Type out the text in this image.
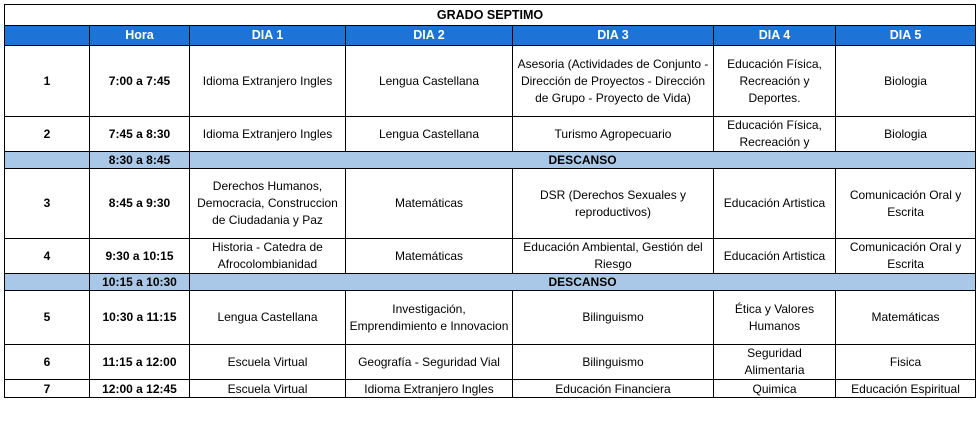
GRADO SEPTIMO						
	Hora	DIA 1	DIA 2	DIA 3	DIA 4	DIA 5
1	7:00 a 7:45	Idioma Extranjero Ingles	Lengua Castellana	Asesoria (Actividades de Conjunto - Dirección de Proyectos - Dirección de Grupo - Proyecto de Vida)	Educación Física, Recreación y Deportes.	Biologia
2	7:45 a 8:30	Idioma Extranjero Ingles	Lengua Castellana	Turismo Agropecuario	Educación Física, Recreación y	Biologia
	8:30 a 8:45	DESCANSO				
3	8:45 a 9:30	Derechos Humanos, Democracia, Construccion de Ciudadania y Paz	Matemáticas	DSR (Derechos Sexuales y reproductivos)	Educación Artistica	Comunicación Oral y Escrita
4	9:30 a 10:15	Historia - Catedra de Afrocolombianidad	Matemáticas	Educación Ambiental, Gestión del Riesgo	Educación Artistica	Comunicación Oral y Escrita
	10:15 a 10:30	DESCANSO				
5	10:30 a 11:15	Lengua Castellana	Investigación, Emprendimiento e Innovacion	Bilinguismo	Ética y Valores Humanos	Matemáticas
6	11:15 a 12:00	Escuela Virtual	Geografía - Seguridad Vial	Bilinguismo	Seguridad Alimentaria	Fisica
7	12:00 a 12:45	Escuela Virtual	Idioma Extranjero Ingles	Educación Financiera	Quimica	Educación Espiritual
